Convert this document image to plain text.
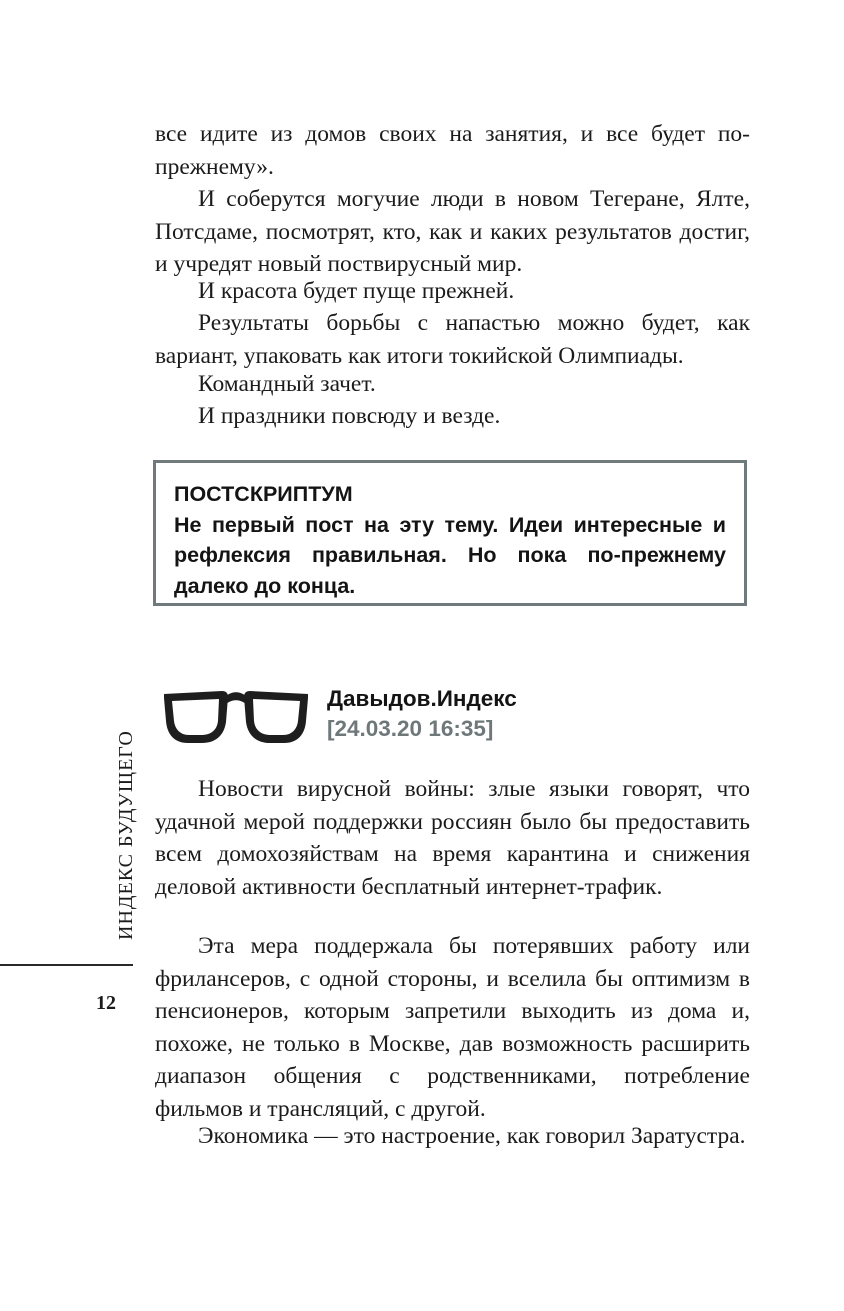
все идите из домов своих на занятия, и все будет по-прежнему».

И соберутся могучие люди в новом Тегеране, Ялте, Потсдаме, посмотрят, кто, как и каких результатов достиг, и учредят новый поствирусный мир.

И красота будет пуще прежней.

Результаты борьбы с напастью можно будет, как вариант, упаковать как итоги токийской Олимпиады.

Командный зачет.

И праздники повсюду и везде.

ПОСТСКРИПТУМ
Не первый пост на эту тему. Идеи интересные и рефлексия правильная. Но пока по-прежнему далеко до конца.
Давыдов.Индекс
[24.03.20 16:35]

Новости вирусной войны: злые языки говорят, что удачной мерой поддержки россиян было бы предоставить всем домохозяйствам на время карантина и снижения деловой активности бесплатный интернет-трафик.

Эта мера поддержала бы потерявших работу или фрилансеров, с одной стороны, и вселила бы оптимизм в пенсионеров, которым запретили выходить из дома и, похоже, не только в Москве, дав возможность расширить диапазон общения с родственниками, потребление фильмов и трансляций, с другой.

Экономика — это настроение, как говорил Заратустра.

ИНДЕКС БУДУЩЕГО
12
